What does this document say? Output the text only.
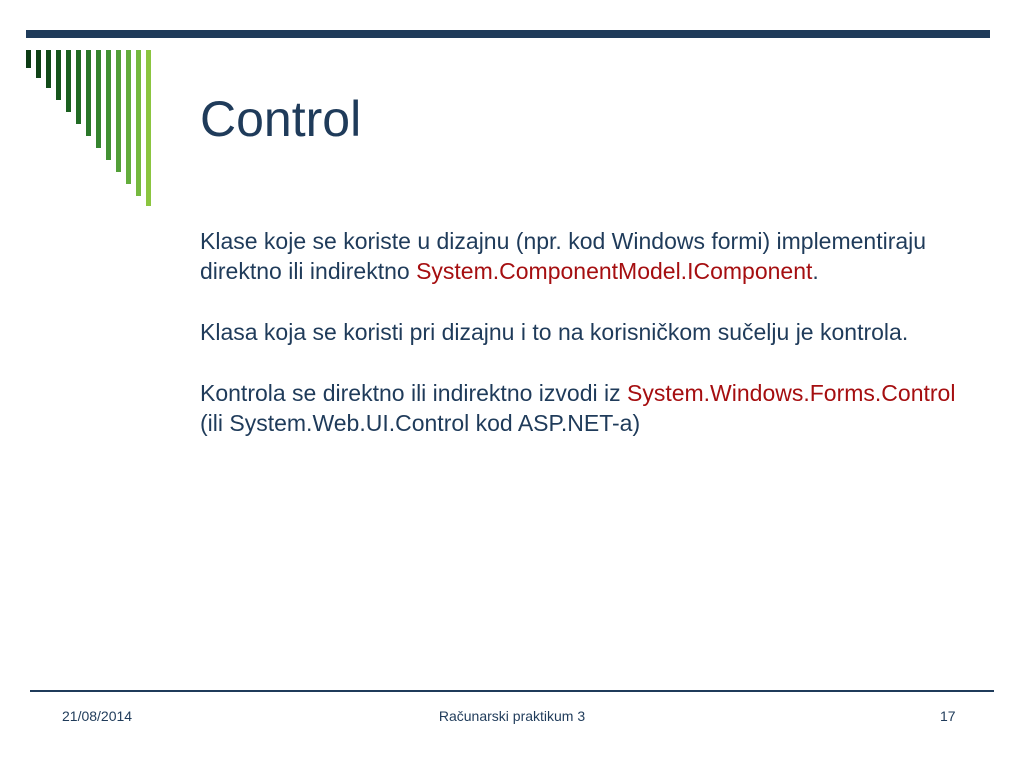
Control

Klase koje se koriste u dizajnu (npr. kod Windows formi) implementiraju direktno ili indirektno System.ComponentModel.IComponent.

Klasa koja se koristi pri dizajnu i to na korisničkom sučelju je kontrola.

Kontrola se direktno ili indirektno izvodi iz System.Windows.Forms.Control (ili System.Web.UI.Control kod ASP.NET-a)

21/08/2014	Računarski praktikum 3	17
